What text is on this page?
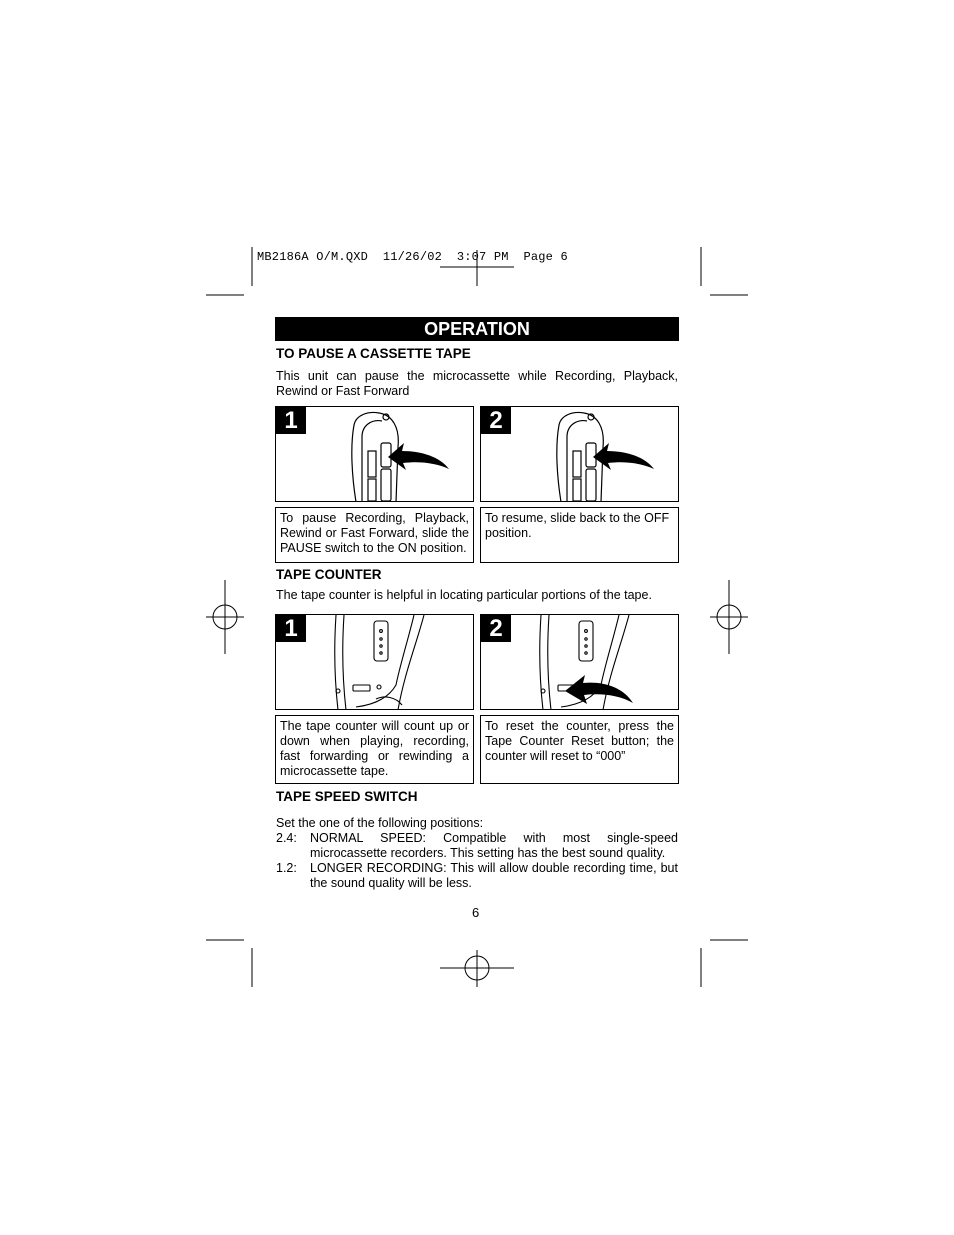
MB2186A O/M.QXD  11/26/02  3:07 PM  Page 6
OPERATION
TO PAUSE A CASSETTE TAPE
This unit can pause the microcassette while Recording, Playback, Rewind or Fast Forward
1	2
To pause Recording, Playback, Rewind or Fast Forward, slide the PAUSE switch to the ON position.
To resume, slide back to the OFF position.
TAPE COUNTER
The tape counter is helpful in locating particular portions of the tape.
1	2
The tape counter will count up or down when playing, recording, fast forwarding or rewinding a microcassette tape.
To reset the counter, press the Tape Counter Reset button; the counter will reset to “000”
TAPE SPEED SWITCH
Set the one of the following positions:
2.4: NORMAL SPEED: Compatible with most single-speed microcassette recorders. This setting has the best sound quality.
1.2: LONGER RECORDING: This will allow double recording time, but the sound quality will be less.
6
